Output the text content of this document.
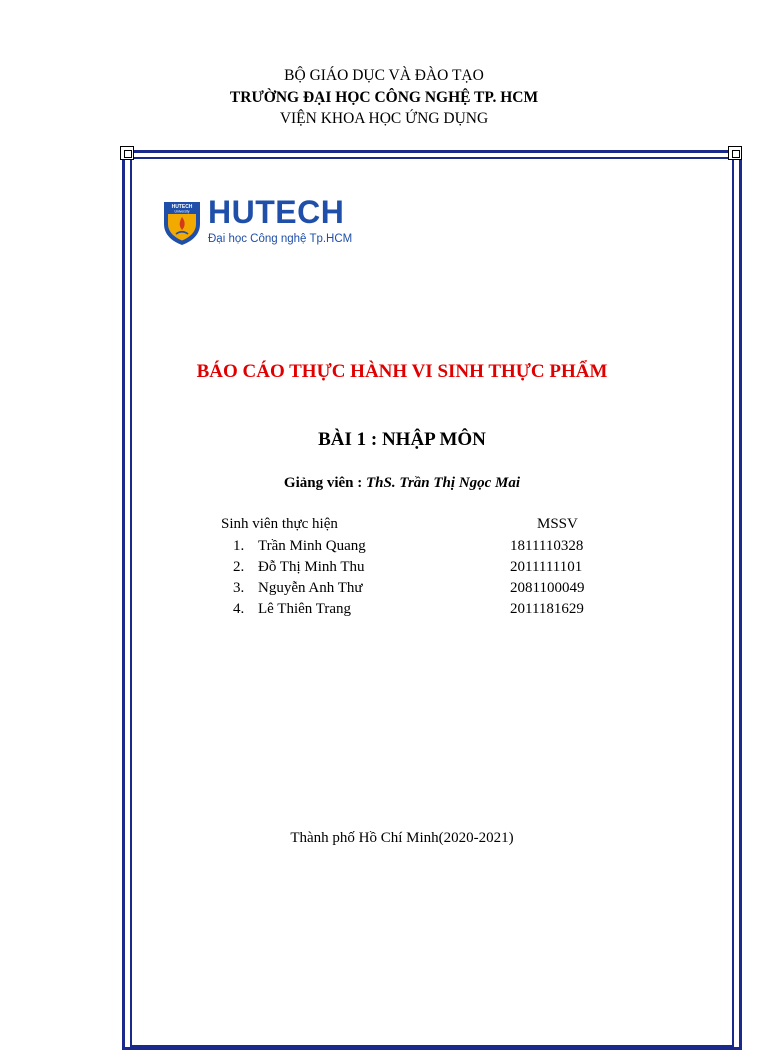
BỘ GIÁO DỤC VÀ ĐÀO TẠO
TRƯỜNG ĐẠI HỌC CÔNG NGHỆ TP. HCM
VIỆN KHOA HỌC ỨNG DỤNG
HUTECH
University HUTECH
Đại học Công nghệ Tp.HCM
BÁO CÁO THỰC HÀNH VI SINH THỰC PHẨM
BÀI 1 : NHẬP MÔN
Giảng viên : ThS. Trần Thị Ngọc Mai
Sinh viên thực hiện	MSSV
1. Trần Minh Quang	1811110328
2. Đỗ Thị Minh Thu	2011111101
3. Nguyễn Anh Thư	2081100049
4. Lê Thiên Trang	2011181629
Thành phố Hồ Chí Minh(2020-2021)
